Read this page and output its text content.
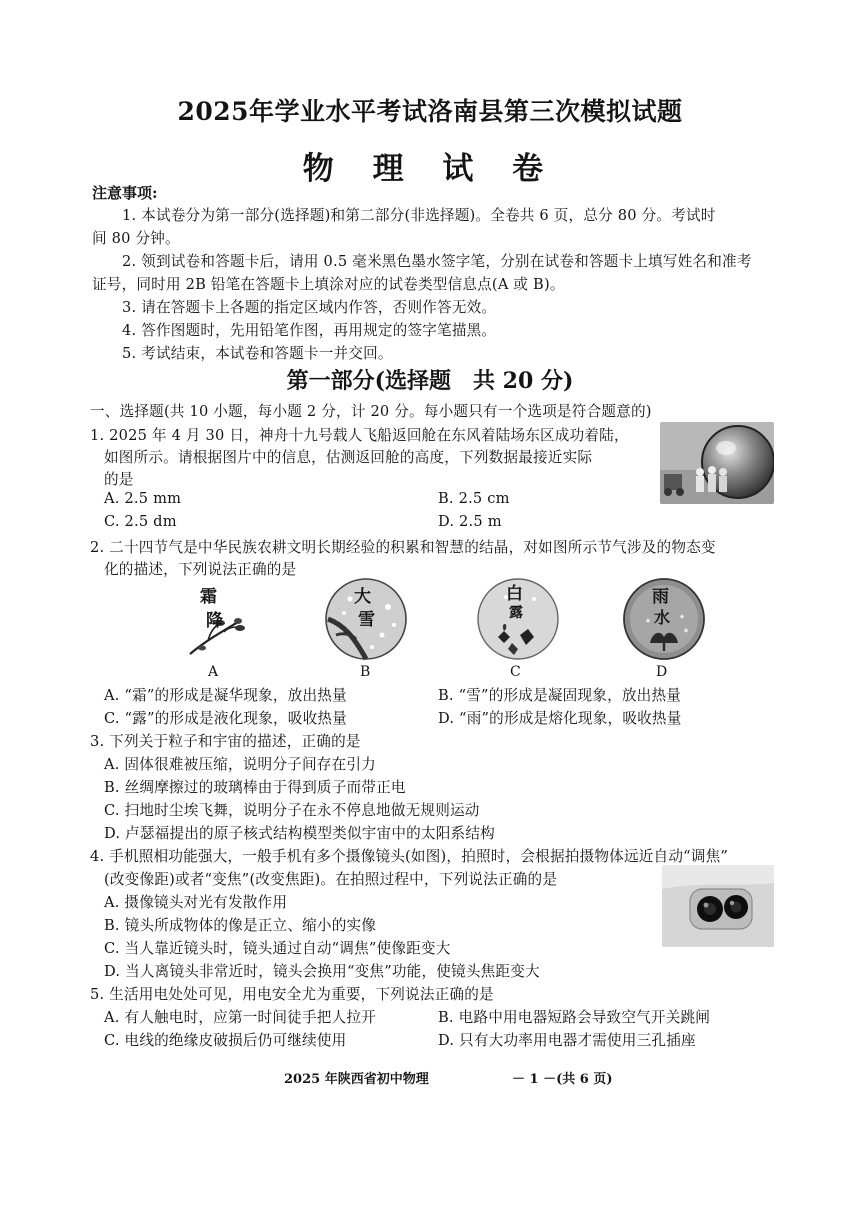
2025年学业水平考试洛南县第三次模拟试题
物 理 试 卷
注意事项:
1. 本试卷分为第一部分(选择题)和第二部分(非选择题)。全卷共 6 页，总分 80 分。考试时
间 80 分钟。
2. 领到试卷和答题卡后，请用 0.5 毫米黑色墨水签字笔，分别在试卷和答题卡上填写姓名和准考
证号，同时用 2B 铅笔在答题卡上填涂对应的试卷类型信息点(A 或 B)。
3. 请在答题卡上各题的指定区域内作答，否则作答无效。
4. 答作图题时，先用铅笔作图，再用规定的签字笔描黑。
5. 考试结束，本试卷和答题卡一并交回。
第一部分(选择题　共 20 分)
一、选择题(共 10 小题，每小题 2 分，计 20 分。每小题只有一个选项是符合题意的)
1. 2025 年 4 月 30 日，神舟十九号载人飞船返回舱在东风着陆场东区成功着陆，
如图所示。请根据图片中的信息，估测返回舱的高度，下列数据最接近实际
的是
A. 2.5 mm	B. 2.5 cm
C. 2.5 dm	D. 2.5 m
2. 二十四节气是中华民族农耕文明长期经验的积累和智慧的结晶，对如图所示节气涉及的物态变
化的描述，下列说法正确的是
霜
降
A
大
雪
B
白
露
C
雨
水
D
A. “霜”的形成是凝华现象，放出热量	B. “雪”的形成是凝固现象，放出热量
C. “露”的形成是液化现象，吸收热量	D. “雨”的形成是熔化现象，吸收热量
3. 下列关于粒子和宇宙的描述，正确的是
A. 固体很难被压缩，说明分子间存在引力
B. 丝绸摩擦过的玻璃棒由于得到质子而带正电
C. 扫地时尘埃飞舞，说明分子在永不停息地做无规则运动
D. 卢瑟福提出的原子核式结构模型类似宇宙中的太阳系结构
4. 手机照相功能强大，一般手机有多个摄像镜头(如图)，拍照时，会根据拍摄物体远近自动“调焦”
(改变像距)或者“变焦”(改变焦距)。在拍照过程中，下列说法正确的是
A. 摄像镜头对光有发散作用
B. 镜头所成物体的像是正立、缩小的实像
C. 当人靠近镜头时，镜头通过自动“调焦”使像距变大
D. 当人离镜头非常近时，镜头会换用“变焦”功能，使镜头焦距变大
5. 生活用电处处可见，用电安全尤为重要，下列说法正确的是
A. 有人触电时，应第一时间徒手把人拉开	B. 电路中用电器短路会导致空气开关跳闸
C. 电线的绝缘皮破损后仍可继续使用	D. 只有大功率用电器才需使用三孔插座
2025 年陕西省初中物理	－ 1 －(共 6 页)
